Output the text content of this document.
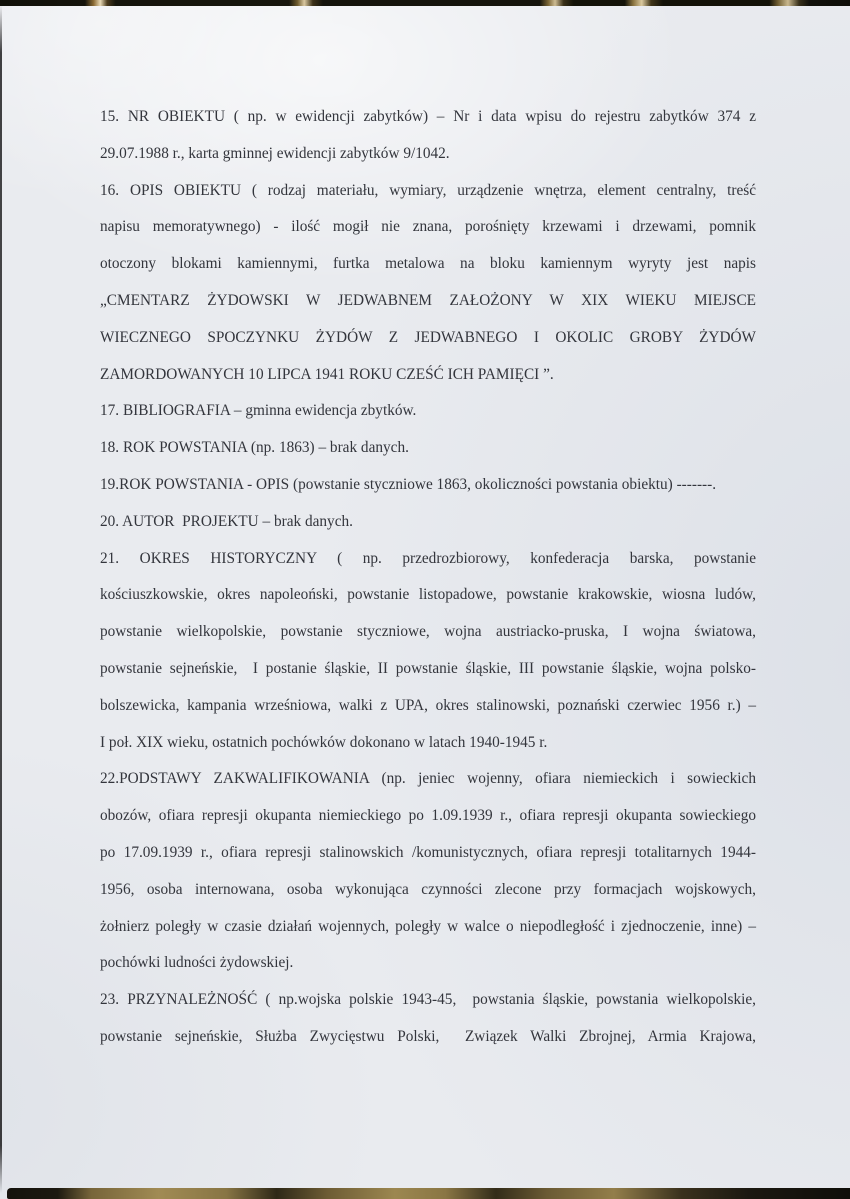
15. NR OBIEKTU ( np. w ewidencji zabytków) – Nr i data wpisu do rejestru zabytków 374 z
29.07.1988 r., karta gminnej ewidencji zabytków 9/1042.
16. OPIS OBIEKTU ( rodzaj materiału, wymiary, urządzenie wnętrza, element centralny, treść
napisu memoratywnego) - ilość mogił nie znana, porośnięty krzewami i drzewami, pomnik
otoczony blokami kamiennymi, furtka metalowa na bloku kamiennym wyryty jest napis
„CMENTARZ ŻYDOWSKI W JEDWABNEM ZAŁOŻONY W XIX WIEKU MIEJSCE
WIECZNEGO SPOCZYNKU ŻYDÓW Z JEDWABNEGO I OKOLIC GROBY ŻYDÓW
ZAMORDOWANYCH 10 LIPCA 1941 ROKU CZEŚĆ ICH PAMIĘCI ”.
17. BIBLIOGRAFIA – gminna ewidencja zbytków.
18. ROK POWSTANIA (np. 1863) – brak danych.
19.ROK POWSTANIA - OPIS (powstanie styczniowe 1863, okoliczności powstania obiektu) -------.
20. AUTOR  PROJEKTU – brak danych.
21. OKRES HISTORYCZNY ( np. przedrozbiorowy, konfederacja barska, powstanie
kościuszkowskie, okres napoleoński, powstanie listopadowe, powstanie krakowskie, wiosna ludów,
powstanie wielkopolskie, powstanie styczniowe, wojna austriacko-pruska, I wojna światowa,
powstanie sejneńskie,  I postanie śląskie, II powstanie śląskie, III powstanie śląskie, wojna polsko-
bolszewicka, kampania wrześniowa, walki z UPA, okres stalinowski, poznański czerwiec 1956 r.) –
I poł. XIX wieku, ostatnich pochówków dokonano w latach 1940-1945 r.
22.PODSTAWY ZAKWALIFIKOWANIA (np. jeniec wojenny, ofiara niemieckich i sowieckich
obozów, ofiara represji okupanta niemieckiego po 1.09.1939 r., ofiara represji okupanta sowieckiego
po 17.09.1939 r., ofiara represji stalinowskich /komunistycznych, ofiara represji totalitarnych 1944-
1956, osoba internowana, osoba wykonująca czynności zlecone przy formacjach wojskowych,
żołnierz poległy w czasie działań wojennych, poległy w walce o niepodległość i zjednoczenie, inne) –
pochówki ludności żydowskiej.
23. PRZYNALEŻNOŚĆ ( np.wojska polskie 1943-45,  powstania śląskie, powstania wielkopolskie,
powstanie sejneńskie, Służba Zwycięstwu Polski,  Związek Walki Zbrojnej, Armia Krajowa,
